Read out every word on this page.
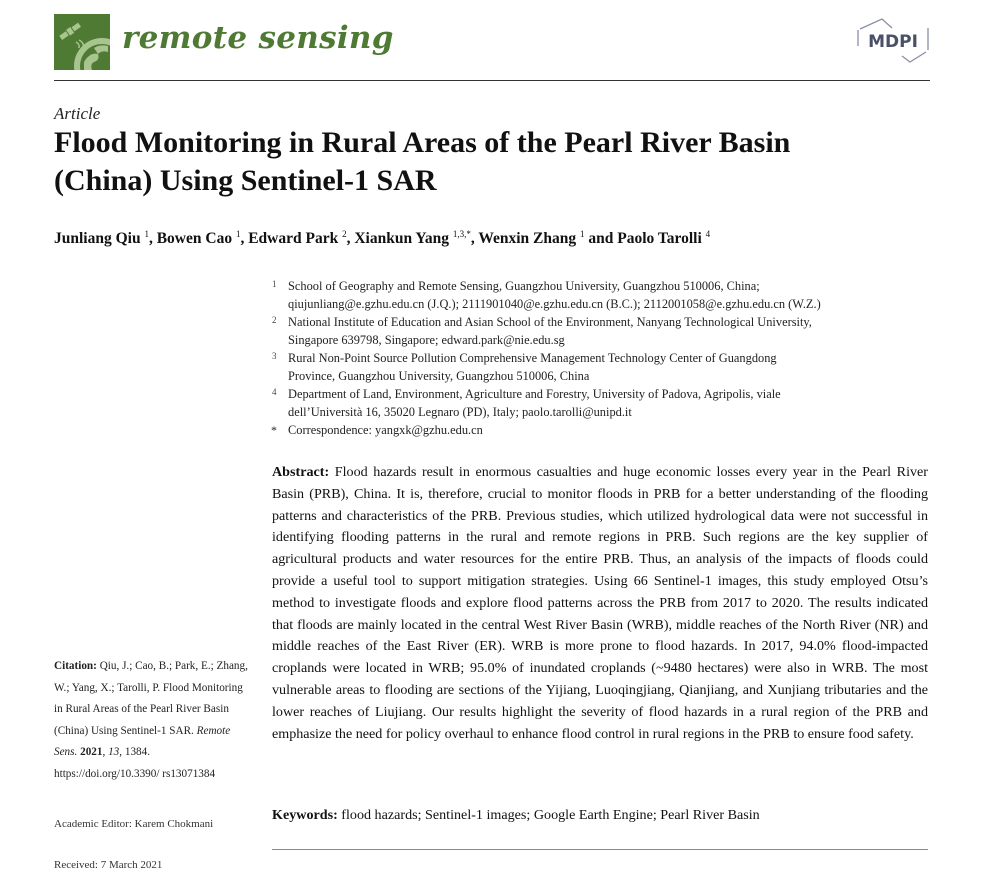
remote sensing	MDPI
Article
Flood Monitoring in Rural Areas of the Pearl River Basin
(China) Using Sentinel-1 SAR
Junliang Qiu $^1$, Bowen Cao $^1$, Edward Park $^2$, Xiankun Yang $^{1,3,*}$, Wenxin Zhang $^1$ and Paolo Tarolli $^4$
1 School of Geography and Remote Sensing, Guangzhou University, Guangzhou 510006, China;
qiujunliang@e.gzhu.edu.cn (J.Q.); 2111901040@e.gzhu.edu.cn (B.C.); 2112001058@e.gzhu.edu.cn (W.Z.)
2 National Institute of Education and Asian School of the Environment, Nanyang Technological University,
Singapore 639798, Singapore; edward.park@nie.edu.sg
3 Rural Non-Point Source Pollution Comprehensive Management Technology Center of Guangdong
Province, Guangzhou University, Guangzhou 510006, China
4 Department of Land, Environment, Agriculture and Forestry, University of Padova, Agripolis, viale
dell’Università 16, 35020 Legnaro (PD), Italy; paolo.tarolli@unipd.it
* Correspondence: yangxk@gzhu.edu.cn

Abstract: Flood hazards result in enormous casualties and huge economic losses every year in the Pearl River Basin (PRB), China. It is, therefore, crucial to monitor floods in PRB for a better understanding of the flooding patterns and characteristics of the PRB. Previous studies, which utilized hydrological data were not successful in identifying flooding patterns in the rural and remote regions in PRB. Such regions are the key supplier of agricultural products and water resources for the entire PRB. Thus, an analysis of the impacts of floods could provide a useful tool to support mitigation strategies. Using 66 Sentinel-1 images, this study employed Otsu’s method to investigate floods and explore flood patterns across the PRB from 2017 to 2020. The results indicated that floods are mainly located in the central West River Basin (WRB), middle reaches of the North River (NR) and middle reaches of the East River (ER). WRB is more prone to flood hazards. In 2017, 94.0% flood-impacted croplands were located in WRB; 95.0% of inundated croplands (~9480 hectares) were also in WRB. The most vulnerable areas to flooding are sections of the Yijiang, Luoqingjiang, Qianjiang, and Xunjiang tributaries and the lower reaches of Liujiang. Our results highlight the severity of flood hazards in a rural region of the PRB and emphasize the need for policy overhaul to enhance flood control in rural regions in the PRB to ensure food safety.

Keywords: flood hazards; Sentinel-1 images; Google Earth Engine; Pearl River Basin

Citation: Qiu, J.; Cao, B.; Park, E.; Zhang, W.; Yang, X.; Tarolli, P. Flood Monitoring in Rural Areas of the Pearl River Basin (China) Using Sentinel-1 SAR. Remote Sens. 2021, 13, 1384. https://doi.org/10.3390/ rs13071384

Academic Editor: Karem Chokmani
Received: 7 March 2021
